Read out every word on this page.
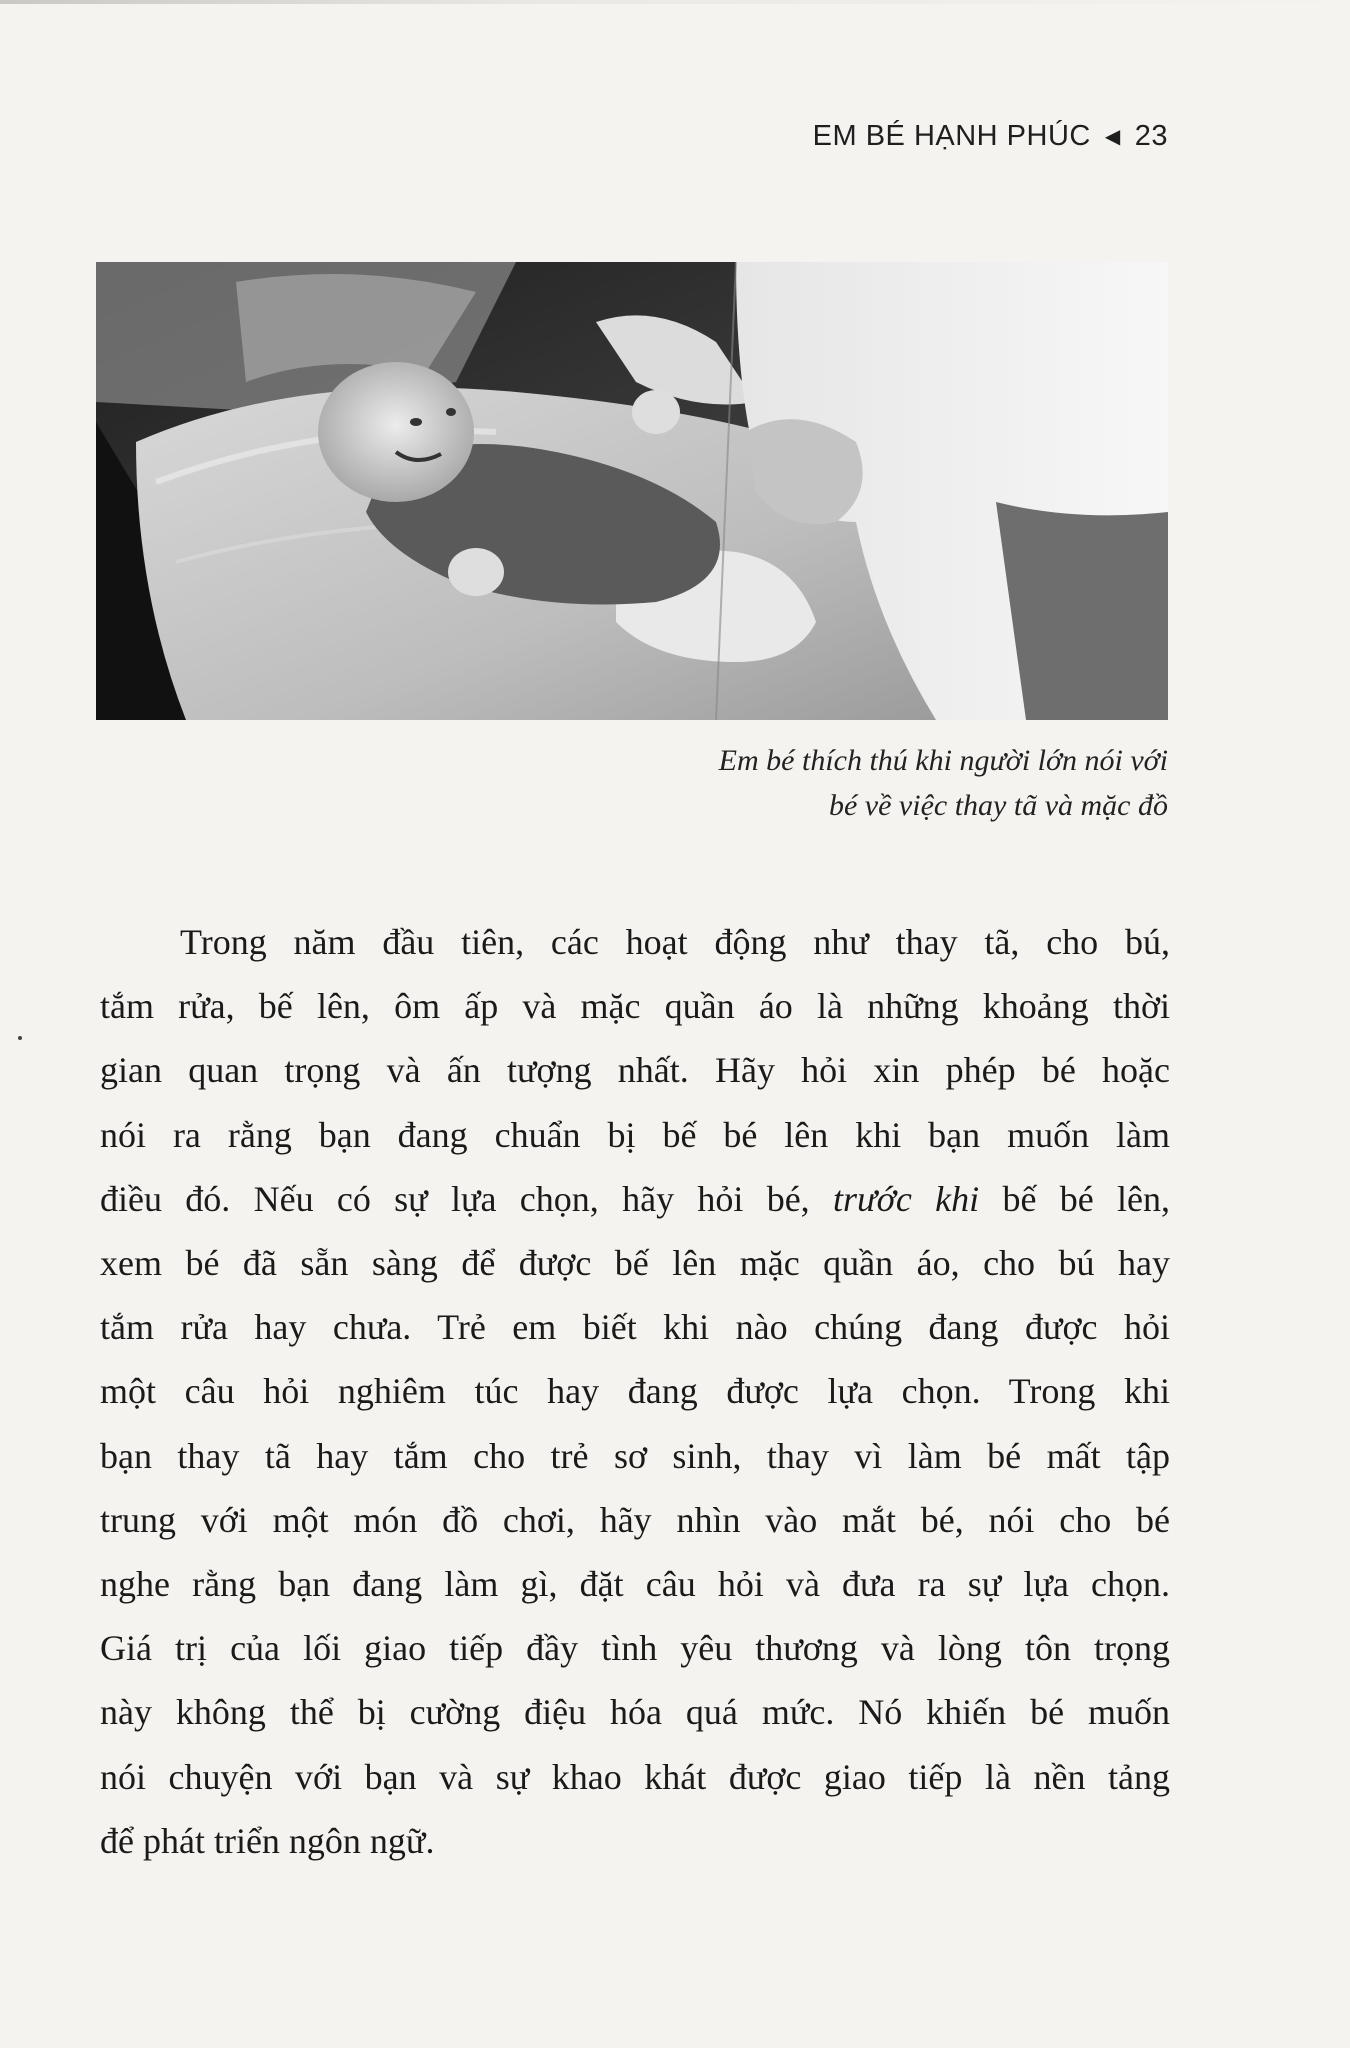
EM BÉ HẠNH PHÚC ◀ 23
Em bé thích thú khi người lớn nói với
bé về việc thay tã và mặc đồ
Trong năm đầu tiên, các hoạt động như thay tã, cho bú,
tắm rửa, bế lên, ôm ấp và mặc quần áo là những khoảng thời
gian quan trọng và ấn tượng nhất. Hãy hỏi xin phép bé hoặc
nói ra rằng bạn đang chuẩn bị bế bé lên khi bạn muốn làm
điều đó. Nếu có sự lựa chọn, hãy hỏi bé, trước khi bế bé lên,
xem bé đã sẵn sàng để được bế lên mặc quần áo, cho bú hay
tắm rửa hay chưa. Trẻ em biết khi nào chúng đang được hỏi
một câu hỏi nghiêm túc hay đang được lựa chọn. Trong khi
bạn thay tã hay tắm cho trẻ sơ sinh, thay vì làm bé mất tập
trung với một món đồ chơi, hãy nhìn vào mắt bé, nói cho bé
nghe rằng bạn đang làm gì, đặt câu hỏi và đưa ra sự lựa chọn.
Giá trị của lối giao tiếp đầy tình yêu thương và lòng tôn trọng
này không thể bị cường điệu hóa quá mức. Nó khiến bé muốn
nói chuyện với bạn và sự khao khát được giao tiếp là nền tảng
để phát triển ngôn ngữ.
